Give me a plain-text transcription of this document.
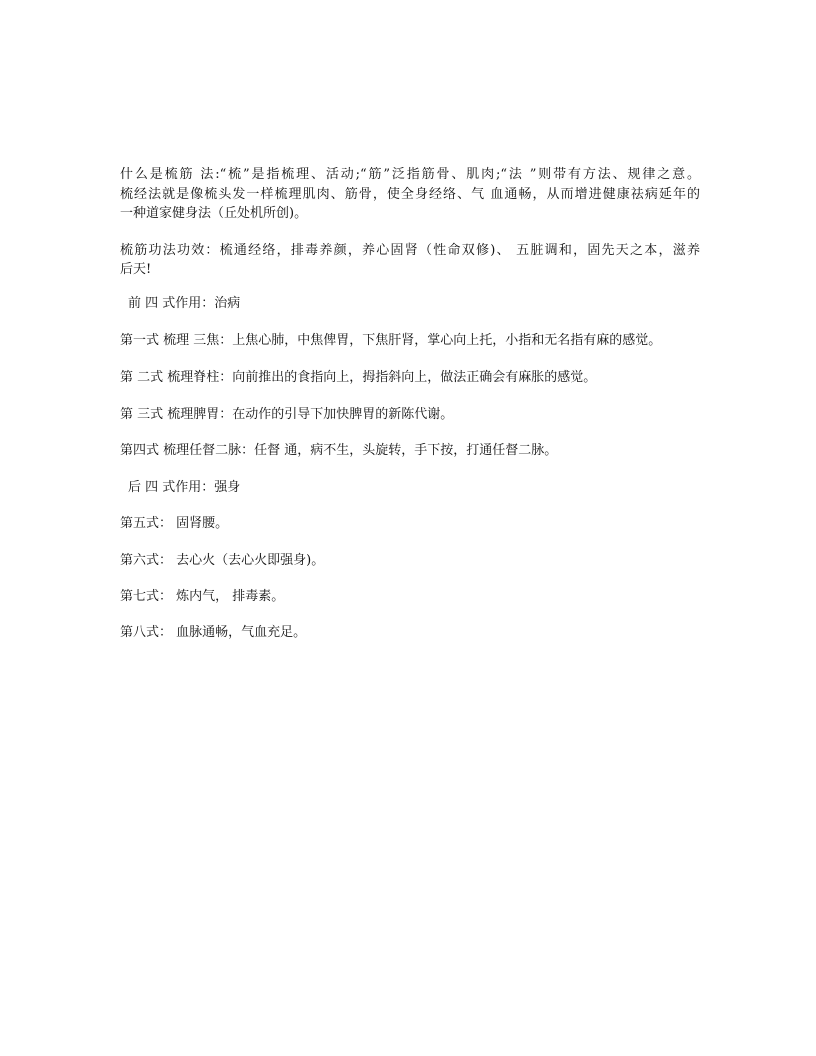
什么是梳筋 法:“梳”是指梳理、活动;“筋”泛指筋骨、肌肉;“法 ”则带有方法、规律之意。
梳经法就是像梳头发一样梳理肌肉、筋骨，使全身经络、气 血通畅，从而增进健康祛病延年的
一种道家健身法（丘处机所创)。
梳筋功法功效：梳通经络，排毒养颜，养心固肾（性命双修)、 五脏调和，固先天之本，滋养
后天!
前 四 式作用：治病
第一式 梳理 三焦：上焦心肺，中焦俾胃，下焦肝肾，掌心向上托，小指和无名指有麻的感觉。
第 二式 梳理脊柱：向前推出的食指向上，拇指斜向上，做法正确会有麻胀的感觉。
第 三式 梳理脾胃：在动作的引导下加快脾胃的新陈代谢。
第四式 梳理任督二脉：任督 通，病不生，头旋转，手下按，打通任督二脉。
后 四 式作用：强身
第五式： 固肾腰。
第六式： 去心火（去心火即强身)。
第七式： 炼内气， 排毒素。
第八式： 血脉通畅，气血充足。
